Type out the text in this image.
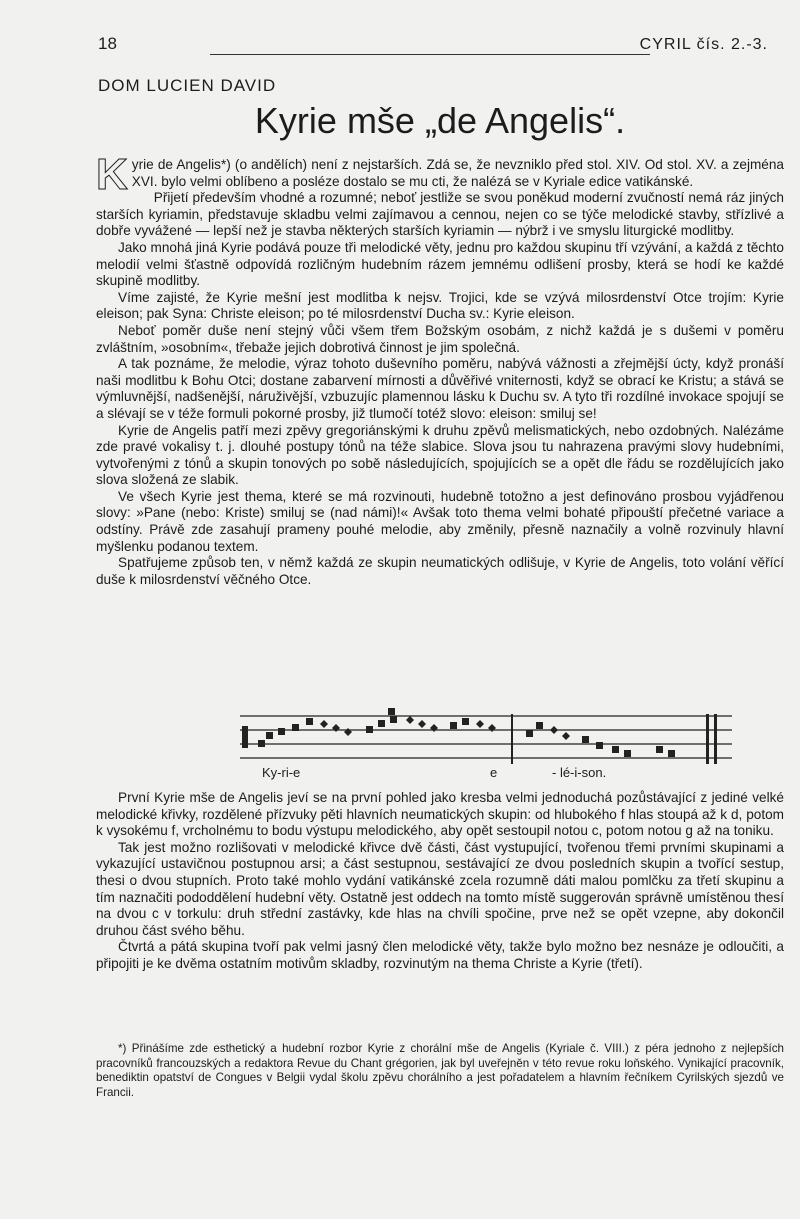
18	CYRIL čís. 2.-3.
DOM LUCIEN DAVID
Kyrie mše „de Angelis“.

Kyrie de Angelis*) (o andělích) není z nejstarších. Zdá se, že nevzniklo před stol. XIV. Od stol. XV. a zejména XVI. bylo velmi oblíbeno a posléze dostalo se mu cti, že nalézá se v Kyriale edice vatikánské.

Přijetí především vhodné a rozumné; neboť jestliže se svou poněkud moderní zvučností nemá ráz jiných starších kyriamin, představuje skladbu velmi zajímavou a cennou, nejen co se týče melodické stavby, střízlivé a dobře vyvážené — lepší než je stavba některých starších kyriamin — nýbrž i ve smyslu liturgické modlitby.

Jako mnohá jiná Kyrie podává pouze tři melodické věty, jednu pro každou skupinu tří vzývání, a každá z těchto melodií velmi šťastně odpovídá rozličným hudebním rázem jemnému odlišení prosby, která se hodí ke každé skupině modlitby.

Víme zajisté, že Kyrie mešní jest modlitba k nejsv. Trojici, kde se vzývá milosrdenství Otce trojím: Kyrie eleison; pak Syna: Christe eleison; po té milosrdenství Ducha sv.: Kyrie eleison.

Neboť poměr duše není stejný vůči všem třem Božským osobám, z nichž každá je s dušemi v poměru zvláštním, »osobním«, třebaže jejich dobrotivá činnost je jim společná.

A tak poznáme, že melodie, výraz tohoto duševního poměru, nabývá vážnosti a zřejmější úcty, když pronáší naši modlitbu k Bohu Otci; dostane zabarvení mírnosti a důvěřivé vniternosti, když se obrací ke Kristu; a stává se výmluvnější, nadšenější, náruživější, vzbuzujíc plamennou lásku k Duchu sv. A tyto tři rozdílné invokace spojují se a slévají se v téže formuli pokorné prosby, již tlumočí totéž slovo: eleison: smiluj se!

Kyrie de Angelis patří mezi zpěvy gregoriánskými k druhu zpěvů melismatických, nebo ozdobných. Nalézáme zde pravé vokalisy t. j. dlouhé postupy tónů na téže slabice. Slova jsou tu nahrazena pravými slovy hudebními, vytvořenými z tónů a skupin tonových po sobě následujících, spojujících se a opět dle řádu se rozdělujících jako slova složená ze slabik.

Ve všech Kyrie jest thema, které se má rozvinouti, hudebně totožno a jest definováno prosbou vyjádřenou slovy: »Pane (nebo: Kriste) smiluj se (nad námi)!« Avšak toto thema velmi bohaté připouští přečetné variace a odstíny. Právě zde zasahují prameny pouhé melodie, aby změnily, přesně naznačily a volně rozvinuly hlavní myšlenku podanou textem.

Spatřujeme způsob ten, v němž každá ze skupin neumatických odlišuje, v Kyrie de Angelis, toto volání věřící duše k milosrdenství věčného Otce.

Ky-ri-e	e	- lé-i-son.

První Kyrie mše de Angelis jeví se na první pohled jako kresba velmi jednoduchá pozůstávající z jediné velké melodické křivky, rozdělené přízvuky pěti hlavních neumatických skupin: od hlubokého f hlas stoupá až k d, potom k vysokému f, vrcholnému to bodu výstupu melodického, aby opět sestoupil notou c, potom notou g až na toniku.

Tak jest možno rozlišovati v melodické křivce dvě části, část vystupující, tvořenou třemi prvními skupinami a vykazující ustavičnou postupnou arsi; a část sestupnou, sestávající ze dvou posledních skupin a tvořící sestup, thesi o dvou stupních. Proto také mohlo vydání vatikánské zcela rozumně dáti malou pomlčku za třetí skupinu a tím naznačiti pododdělení hudební věty. Ostatně jest oddech na tomto místě suggerován správně umístěnou thesí na dvou c v torkulu: druh střední zastávky, kde hlas na chvíli spočine, prve než se opět vzepne, aby dokončil druhou část svého běhu.

Čtvrtá a pátá skupina tvoří pak velmi jasný člen melodické věty, takže bylo možno bez nesnáze je odloučiti, a připojiti je ke dvěma ostatním motivům skladby, rozvinutým na thema Christe a Kyrie (třetí).

*) Přinášíme zde esthetický a hudební rozbor Kyrie z chorální mše de Angelis (Kyriale č. VIII.) z péra jednoho z nejlepších pracovníků francouzských a redaktora Revue du Chant grégorien, jak byl uveřejněn v této revue roku loňského. Vynikající pracovník, benediktin opatství de Congues v Belgii vydal školu zpěvu chorálního a jest pořadatelem a hlavním řečníkem Cyrilských sjezdů ve Francii.
